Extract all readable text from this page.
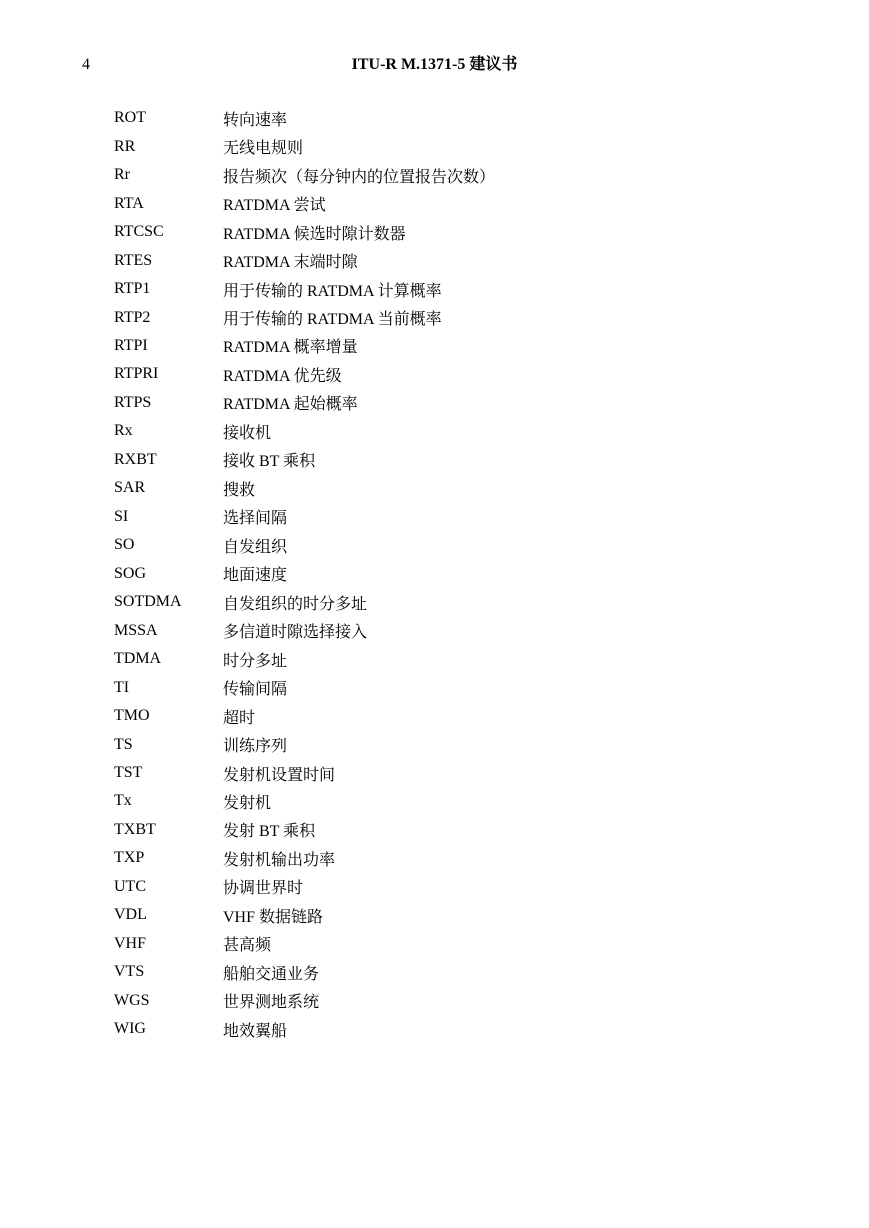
4	ITU-R M.1371-5 建议书
ROT	转向速率
RR	无线电规则
Rr	报告频次（每分钟内的位置报告次数）
RTA	RATDMA 尝试
RTCSC	RATDMA 候选时隙计数器
RTES	RATDMA 末端时隙
RTP1	用于传输的 RATDMA 计算概率
RTP2	用于传输的 RATDMA 当前概率
RTPI	RATDMA 概率增量
RTPRI	RATDMA 优先级
RTPS	RATDMA 起始概率
Rx	接收机
RXBT	接收 BT 乘积
SAR	搜救
SI	选择间隔
SO	自发组织
SOG	地面速度
SOTDMA	自发组织的时分多址
MSSA	多信道时隙选择接入
TDMA	时分多址
TI	传输间隔
TMO	超时
TS	训练序列
TST	发射机设置时间
Tx	发射机
TXBT	发射 BT 乘积
TXP	发射机输出功率
UTC	协调世界时
VDL	VHF 数据链路
VHF	甚高频
VTS	船舶交通业务
WGS	世界测地系统
WIG	地效翼船
